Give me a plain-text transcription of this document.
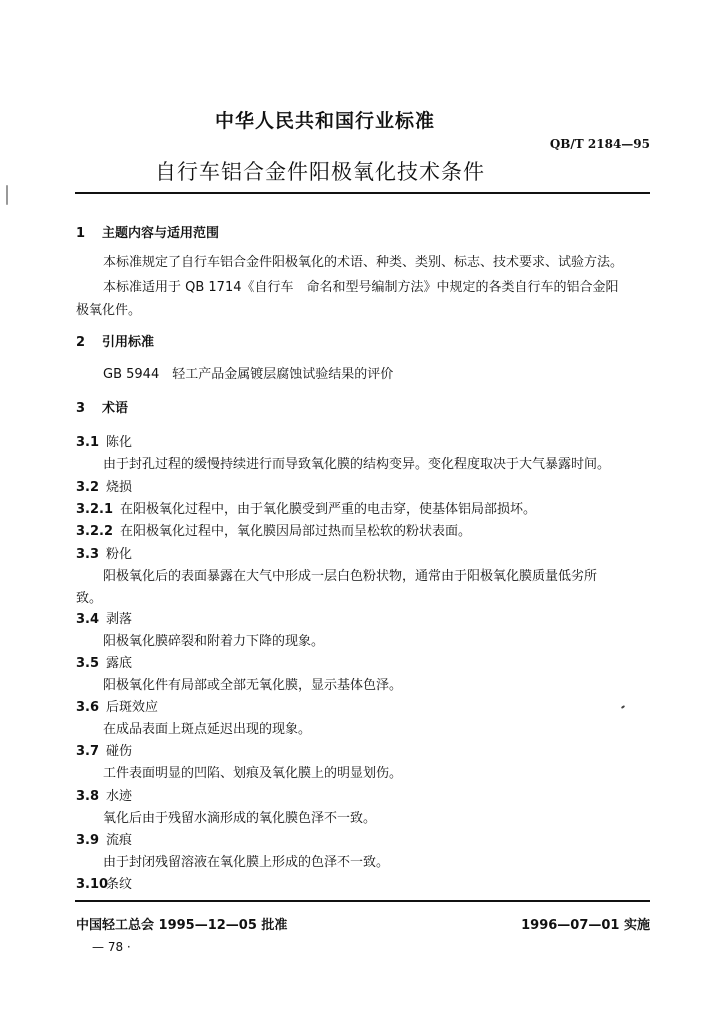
中华人民共和国行业标准
QB/T 2184—95
自行车铝合金件阳极氧化技术条件
1 主题内容与适用范围
本标准规定了自行车铝合金件阳极氧化的术语、种类、类别、标志、技术要求、试验方法。
本标准适用于 QB 1714《自行车　命名和型号编制方法》中规定的各类自行车的铝合金阳
极氧化件。
2 引用标准
GB 5944　轻工产品金属镀层腐蚀试验结果的评价
3 术语
3.1 陈化
由于封孔过程的缓慢持续进行而导致氧化膜的结构变异。变化程度取决于大气暴露时间。
3.2 烧损
3.2.1 在阳极氧化过程中，由于氧化膜受到严重的电击穿，使基体铝局部损坏。
3.2.2 在阳极氧化过程中，氧化膜因局部过热而呈松软的粉状表面。
3.3 粉化
阳极氧化后的表面暴露在大气中形成一层白色粉状物，通常由于阳极氧化膜质量低劣所
致。
3.4 剥落
阳极氧化膜碎裂和附着力下降的现象。
3.5 露底
阳极氧化件有局部或全部无氧化膜，显示基体色泽。
3.6 后斑效应
在成品表面上斑点延迟出现的现象。
3.7 碰伤
工件表面明显的凹陷、划痕及氧化膜上的明显划伤。
3.8 水迹
氧化后由于残留水滴形成的氧化膜色泽不一致。
3.9 流痕
由于封闭残留溶液在氧化膜上形成的色泽不一致。
3.10条纹
中国轻工总会 1995—12—05 批准	1996—07—01 实施
— 78 ·
